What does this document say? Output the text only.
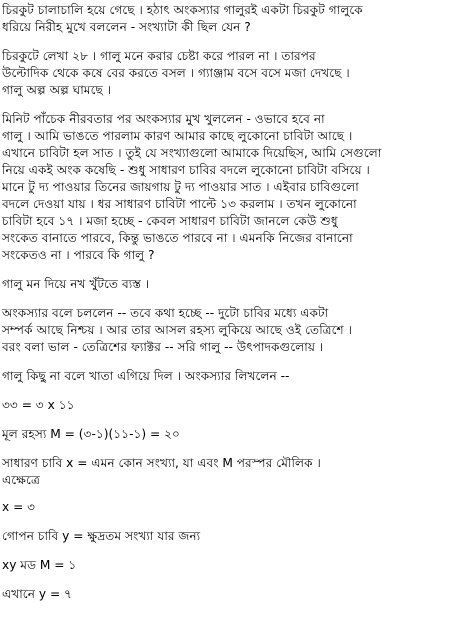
চিরকুট চালাচালি হয়ে গেছে । হঠাৎ অংকস্যার গালুরই একটা চিরকুট গালুকে
ধরিয়ে নিরীহ মুখে বললেন - সংখ্যাটা কী ছিল যেন ?

চিরকুটে লেখা ২৮ । গালু মনে করার চেষ্টা করে পারল না । তারপর
উল্টোদিক থেকে কষে বের করতে বসল । গ্যাঞ্জাম বসে বসে মজা দেখছে ।
গালু অল্প অল্প ঘামছে ।

মিনিট পাঁচেক নীরবতার পর অংকস্যার মুখ খুললেন - ওভাবে হবে না
গালু । আমি ভাঙতে পারলাম কারণ আমার কাছে লুকোনো চাবিটা আছে ।
এখানে চাবিটা হল সাত । তুই যে সংখ্যাগুলো আমাকে দিয়েছিস, আমি সেগুলো
নিয়ে একই অংক কষেছি - শুধু সাধারণ চাবির বদলে লুকোনো চাবিটা বসিয়ে ।
মানে টু দ্য পাওয়ার তিনের জায়গায় টু দ্য পাওয়ার সাত । এইবার চাবিগুলো
বদলে দেওয়া যায় । ধর সাধারণ চাবিটা পাল্টে ১৩ করলাম । তখন লুকোনো
চাবিটা হবে ১৭ । মজা হচ্ছে - কেবল সাধারণ চাবিটা জানলে কেউ শুধু
সংকেত বানাতে পারবে, কিন্তু ভাঙতে পারবে না । এমনকি নিজের বানানো
সংকেতও না । পারবে কি গালু ?

গালু মন দিয়ে নখ খুঁটতে ব্যস্ত ।

অংকস্যার বলে চললেন -- তবে কথা হচ্ছে -- দুটো চাবির মধ্যে একটা
সম্পর্ক আছে নিশ্চয় । আর তার আসল রহস্য লুকিয়ে আছে ওই তেত্রিশে ।
বরং বলা ভাল - তেত্রিশের ফ্যাক্টর -- সরি গালু -- উৎপাদকগুলোয় ।

গালু কিছু না বলে খাতা এগিয়ে দিল । অংকস্যার লিখলেন --

৩৩ = ৩ x ১১

মূল রহস্য M = (৩-১)(১১-১) = ২০

সাধারণ চাবি x = এমন কোন সংখ্যা, যা এবং M পরস্পর মৌলিক ।
এক্ষেত্রে

x = ৩

গোপন চাবি y = ক্ষুদ্রতম সংখ্যা যার জন্য

xy মড M = ১

এখানে y = ৭
